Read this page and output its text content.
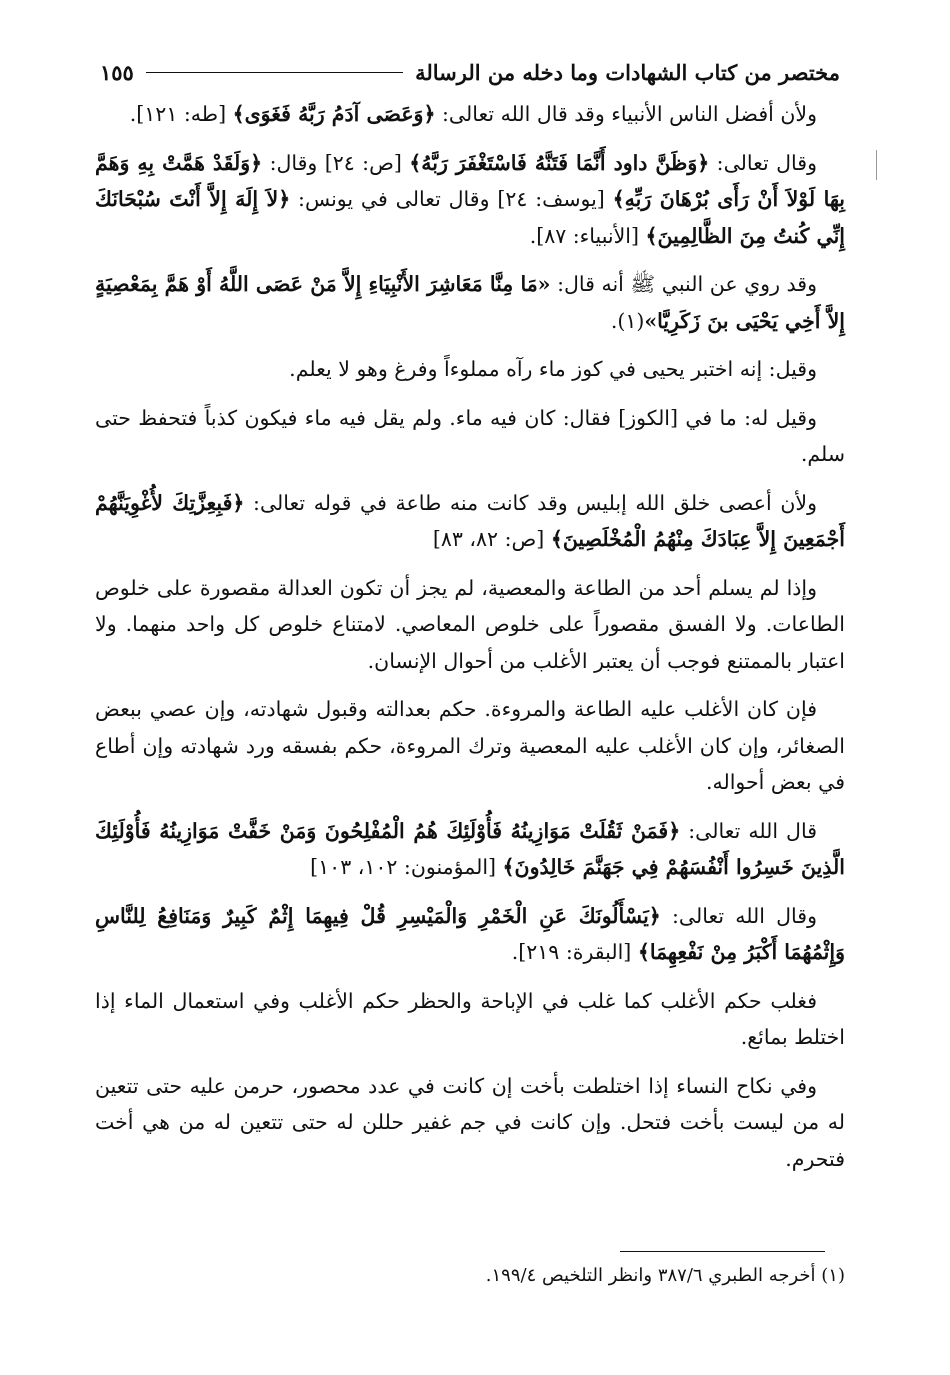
مختصر من كتاب الشهادات وما دخله من الرسالة
١٥٥

ولأن أفضل الناس الأنبياء وقد قال الله تعالى: ﴿وَعَصَى آدَمُ رَبَّهُ فَغَوَى﴾ [طه: ١٢١].

وقال تعالى: ﴿وَظَنَّ داود أَنَّمَا فَتَنَّهُ فَاسْتَغْفَرَ رَبَّهُ﴾ [ص: ٢٤] وقال: ﴿وَلَقَدْ هَمَّتْ بِهِ وَهَمَّ بِهَا لَوْلاَ أَنْ رَأَى بُرْهَانَ رَبِّهِ﴾ [يوسف: ٢٤] وقال تعالى في يونس: ﴿لاَ إِلَهَ إِلاَّ أَنْتَ سُبْحَانَكَ إِنِّي كُنتُ مِنَ الظَّالِمِينَ﴾ [الأنبياء: ٨٧].

وقد روي عن النبي ﷺ أنه قال: «مَا مِنَّا مَعَاشِرَ الأَنْبِيَاءِ إِلاَّ مَنْ عَصَى اللَّهُ أَوْ هَمَّ بِمَعْصِيَةٍ إِلاَّ أَخِي يَحْيَى بنَ زَكَرِيَّا»(١).

وقيل: إنه اختبر يحيى في كوز ماء رآه مملوءاً وفرغ وهو لا يعلم.

وقيل له: ما في [الكوز] فقال: كان فيه ماء. ولم يقل فيه ماء فيكون كذباً فتحفظ حتى سلم.

ولأن أعصى خلق الله إبليس وقد كانت منه طاعة في قوله تعالى: ﴿فَبِعِزَّتِكَ لأُغْوِيَنَّهُمْ أَجْمَعِينَ إِلاَّ عِبَادَكَ مِنْهُمُ الْمُخْلَصِينَ﴾ [ص: ٨٢، ٨٣]

وإذا لم يسلم أحد من الطاعة والمعصية، لم يجز أن تكون العدالة مقصورة على خلوص الطاعات. ولا الفسق مقصوراً على خلوص المعاصي. لامتناع خلوص كل واحد منهما. ولا اعتبار بالممتنع فوجب أن يعتبر الأغلب من أحوال الإنسان.

فإن كان الأغلب عليه الطاعة والمروءة. حكم بعدالته وقبول شهادته، وإن عصي ببعض الصغائر، وإن كان الأغلب عليه المعصية وترك المروءة، حكم بفسقه ورد شهادته وإن أطاع في بعض أحواله.

قال الله تعالى: ﴿فَمَنْ ثَقُلَتْ مَوَازِينُهُ فَأُوْلَئِكَ هُمُ الْمُفْلِحُونَ وَمَنْ خَفَّتْ مَوَازِينُهُ فَأُوْلَئِكَ الَّذِينَ خَسِرُوا أَنْفُسَهُمْ فِي جَهَنَّمَ خَالِدُونَ﴾ [المؤمنون: ١٠٢، ١٠٣]

وقال الله تعالى: ﴿يَسْأَلُونَكَ عَنِ الْخَمْرِ وَالْمَيْسِرِ قُلْ فِيهِمَا إِثْمٌ كَبِيرٌ وَمَنَافِعُ لِلنَّاسِ وَإِثْمُهُمَا أَكْبَرُ مِنْ نَفْعِهِمَا﴾ [البقرة: ٢١٩].

فغلب حكم الأغلب كما غلب في الإباحة والحظر حكم الأغلب وفي استعمال الماء إذا اختلط بمائع.

وفي نكاح النساء إذا اختلطت بأخت إن كانت في عدد محصور، حرمن عليه حتى تتعين له من ليست بأخت فتحل. وإن كانت في جم غفير حللن له حتى تتعين له من هي أخت فتحرم.

(١) أخرجه الطبري ٣٨٧/٦ وانظر التلخيص ١٩٩/٤.
